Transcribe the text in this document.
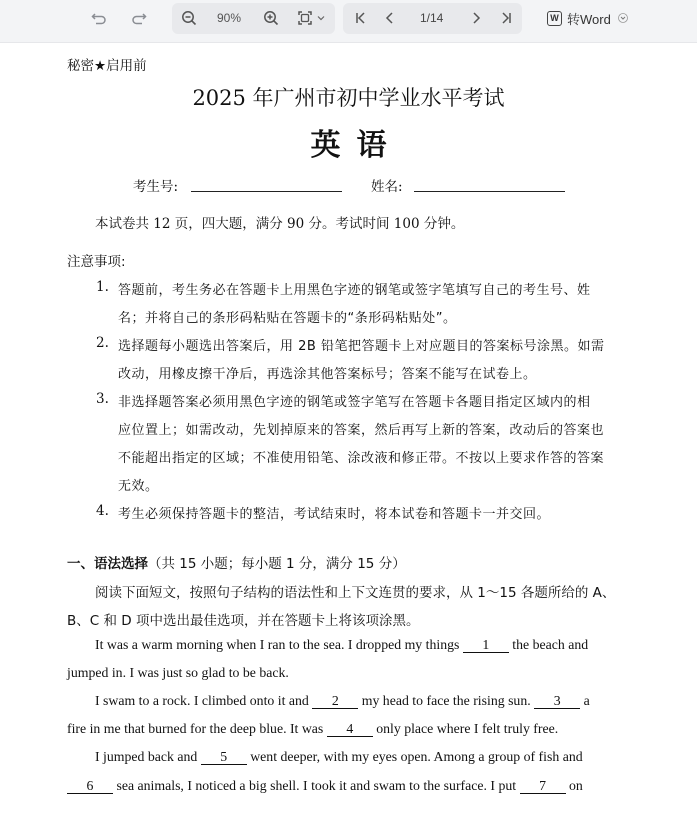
90%	1/14	W 转Word
秘密★启用前
2025 年广州市初中学业水平考试
英语
考生号:	姓名:
本试卷共 12 页，四大题，满分 90 分。考试时间 100 分钟。
注意事项:
1. 答题前，考生务必在答题卡上用黑色字迹的钢笔或签字笔填写自己的考生号、姓
名；并将自己的条形码粘贴在答题卡的“条形码粘贴处”。
2. 选择题每小题选出答案后，用 2B 铅笔把答题卡上对应题目的答案标号涂黑。如需
改动，用橡皮擦干净后，再选涂其他答案标号；答案不能写在试卷上。
3. 非选择题答案必须用黑色字迹的钢笔或签字笔写在答题卡各题目指定区域内的相
应位置上；如需改动，先划掉原来的答案，然后再写上新的答案，改动后的答案也
不能超出指定的区域；不准使用铅笔、涂改液和修正带。不按以上要求作答的答案
无效。
4. 考生必须保持答题卡的整洁，考试结束时，将本试卷和答题卡一并交回。
一、语法选择（共 15 小题；每小题 1 分，满分 15 分）
阅读下面短文，按照句子结构的语法性和上下文连贯的要求，从 1～15 各题所给的 A、
B、C 和 D 项中选出最佳选项，并在答题卡上将该项涂黑。
It was a warm morning when I ran to the sea. I dropped my things 1 the beach and
jumped in. I was just so glad to be back.
I swam to a rock. I climbed onto it and 2 my head to face the rising sun. 3 a
fire in me that burned for the deep blue. It was 4 only place where I felt truly free.
I jumped back and 5 went deeper, with my eyes open. Among a group of fish and
6 sea animals, I noticed a big shell. I took it and swam to the surface. I put 7 on
